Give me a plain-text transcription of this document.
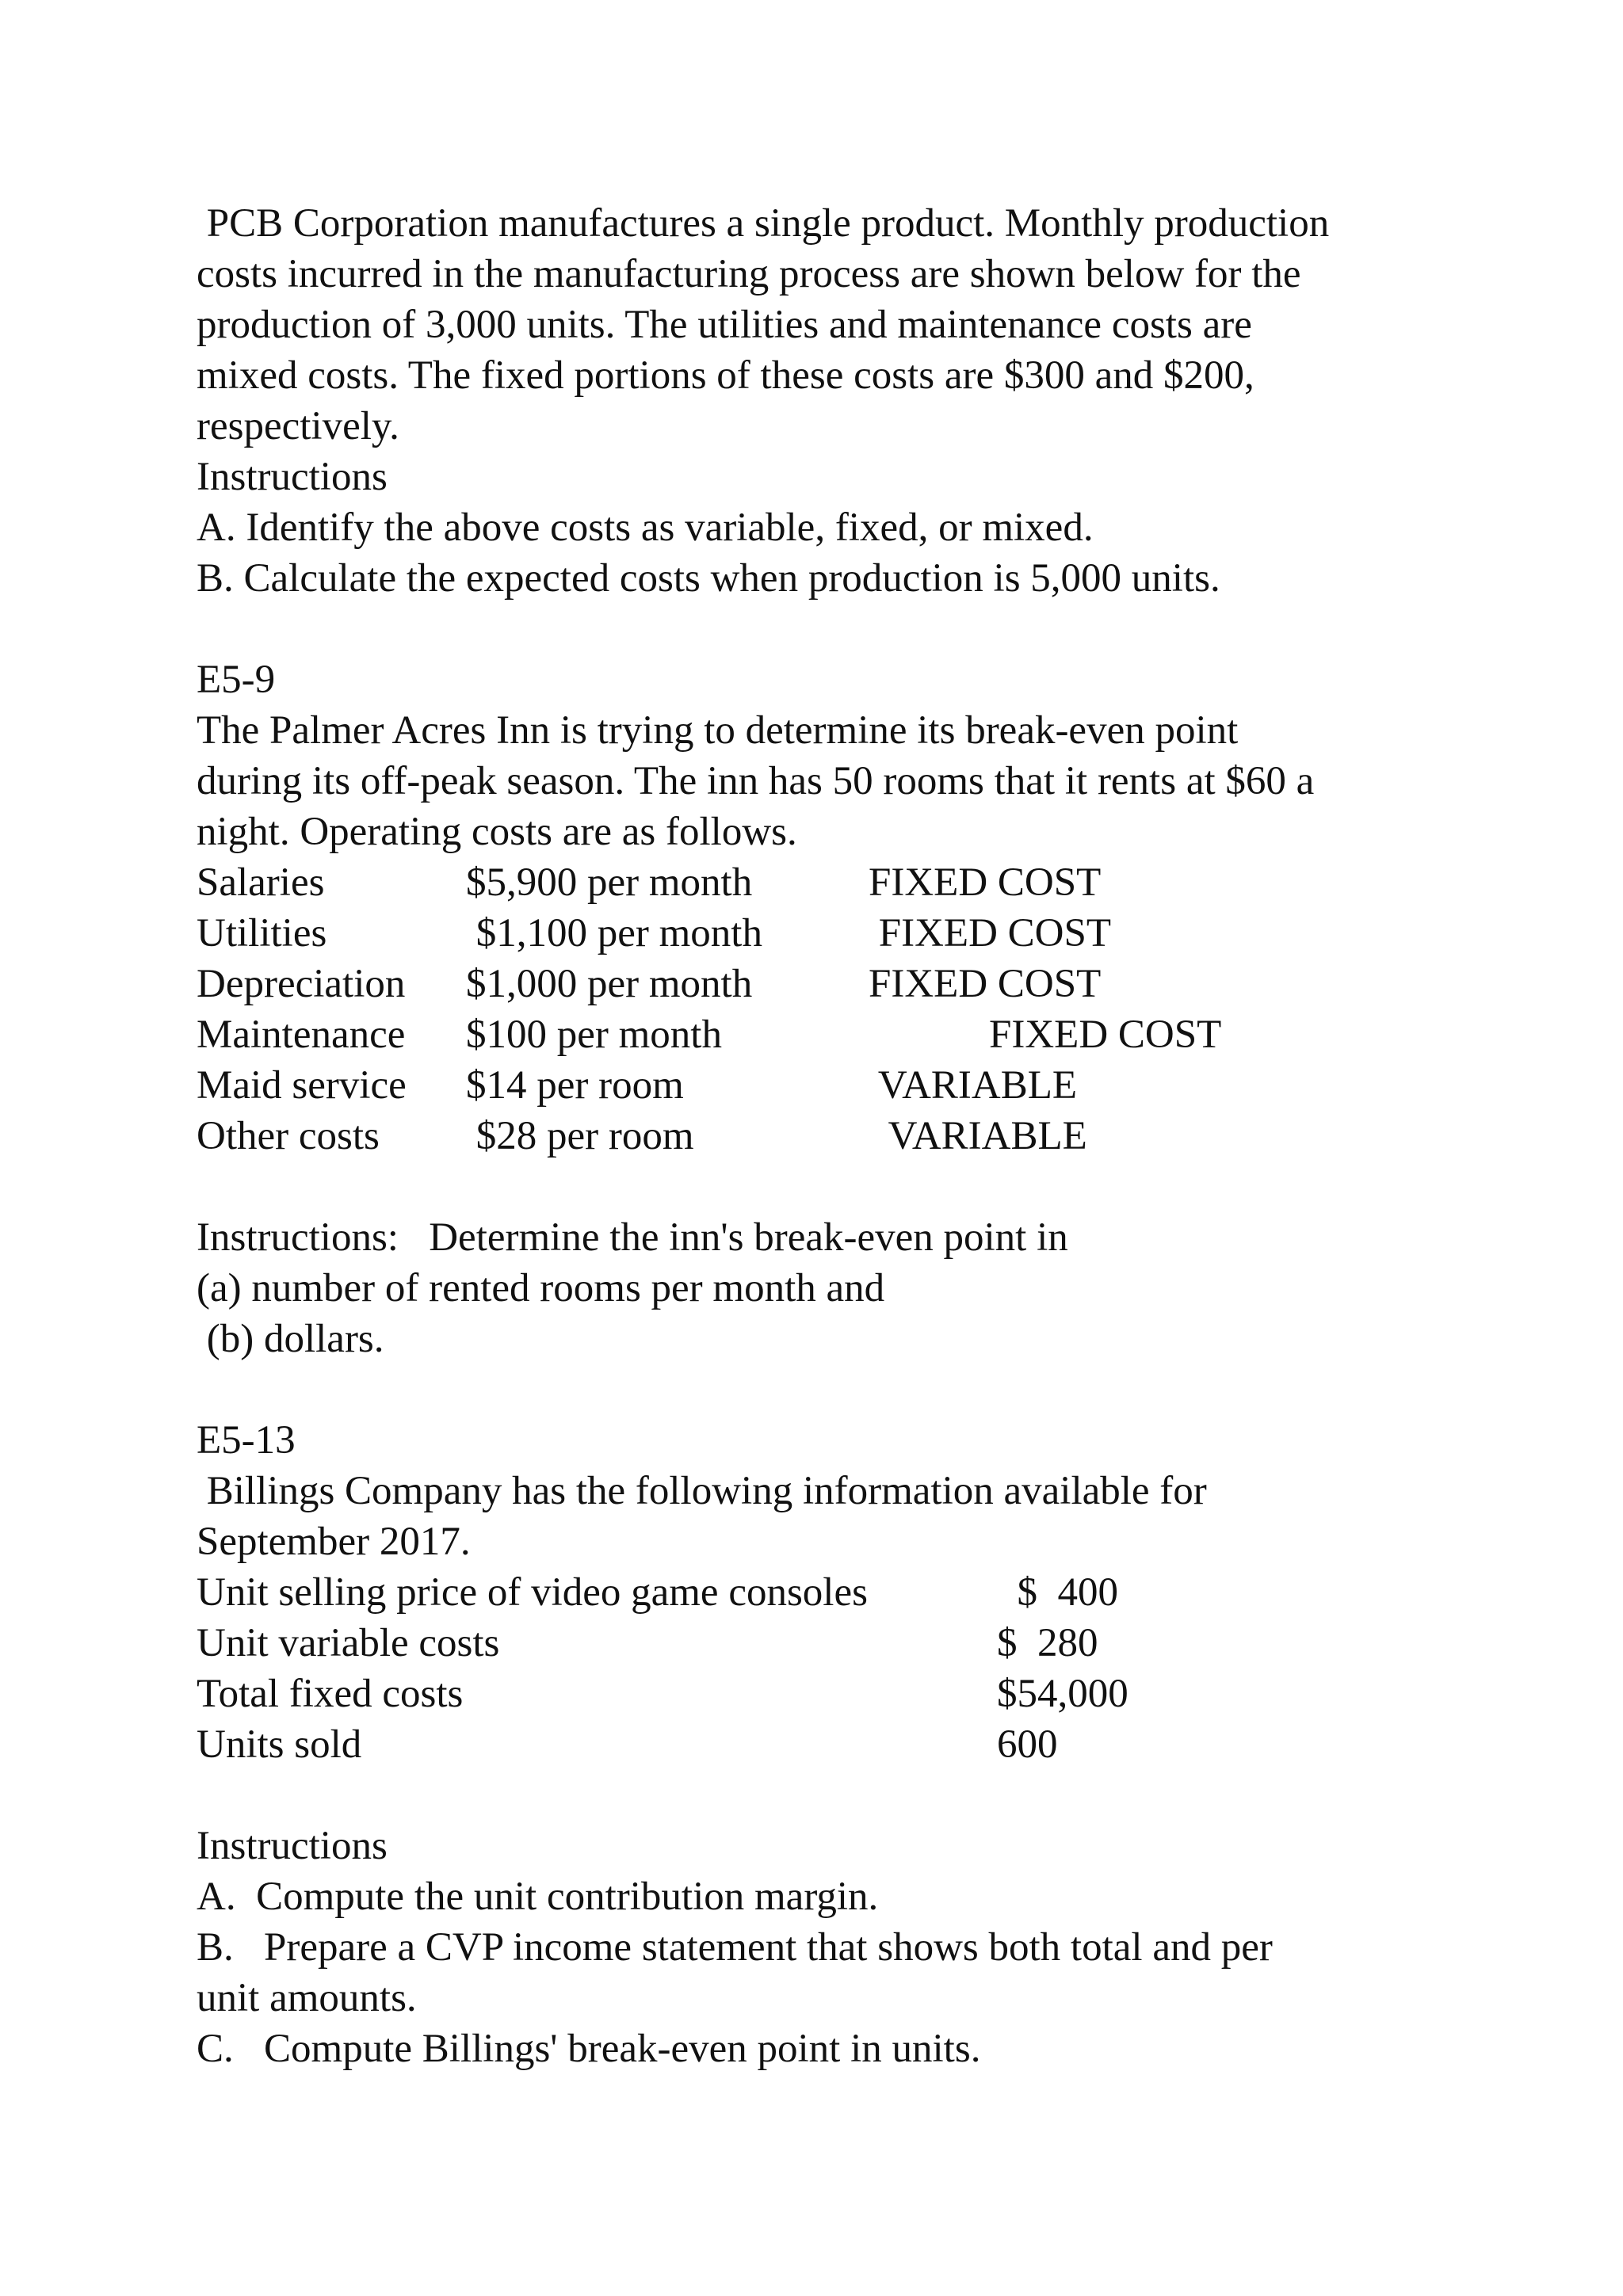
PCB Corporation manufactures a single product. Monthly production
costs incurred in the manufacturing process are shown below for the
production of 3,000 units. The utilities and maintenance costs are
mixed costs. The fixed portions of these costs are $300 and $200,
respectively.
Instructions
A. Identify the above costs as variable, fixed, or mixed.
B. Calculate the expected costs when production is 5,000 units.
E5-9
The Palmer Acres Inn is trying to determine its break-even point
during its off-peak season. The inn has 50 rooms that it rents at $60 a
night. Operating costs are as follows.
Salaries	$5,900 per month	FIXED COST
Utilities	$1,100 per month	FIXED COST
Depreciation $1,000 per month	FIXED COST
Maintenance $100 per month	FIXED COST
Maid service $14 per room	VARIABLE
Other costs $28 per room	VARIABLE
Instructions:   Determine the inn's break-even point in
(a) number of rented rooms per month and
(b) dollars.
E5-13
Billings Company has the following information available for
September 2017.
Unit selling price of video game consoles	$  400
Unit variable costs	$  280
Total fixed costs	$54,000
Units sold	600
Instructions
A.  Compute the unit contribution margin.
B.   Prepare a CVP income statement that shows both total and per
unit amounts.
C.   Compute Billings' break-even point in units.
